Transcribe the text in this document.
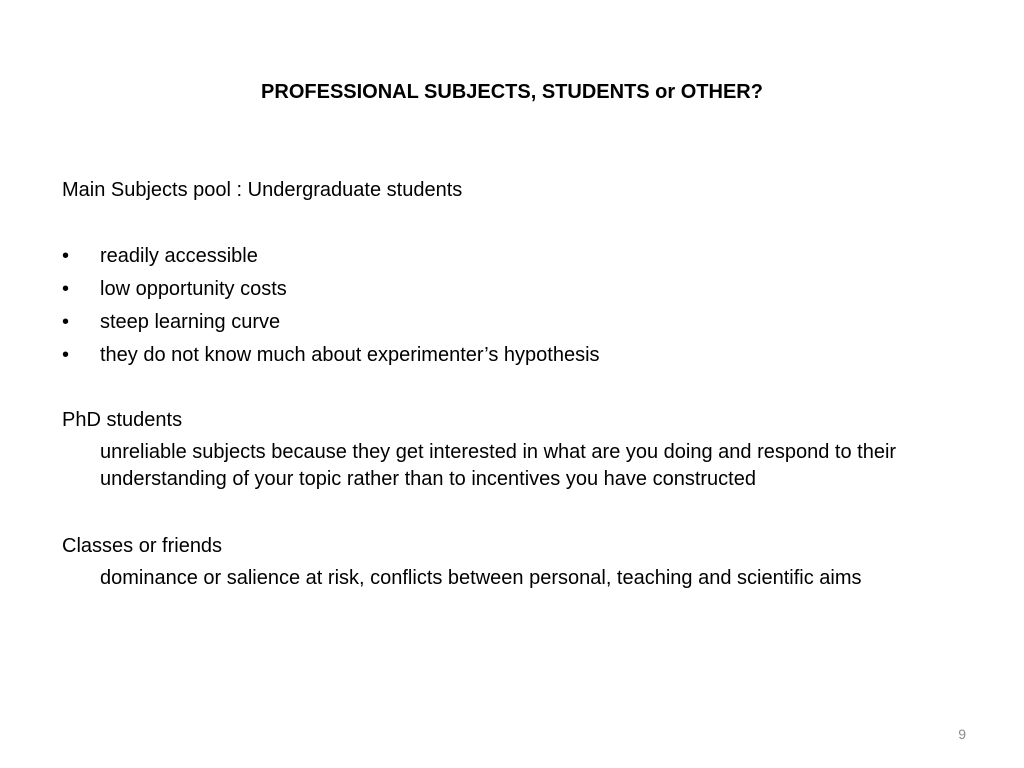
PROFESSIONAL SUBJECTS, STUDENTS or OTHER?
Main Subjects pool : Undergraduate students
•	readily accessible
•	low opportunity costs
•	steep learning curve
•	they do not know much about experimenter’s hypothesis
PhD students
unreliable subjects because they get interested in what are you doing and respond to their understanding of your topic rather than to incentives you have constructed
Classes or friends
dominance or salience at risk, conflicts between personal, teaching and scientific aims
9
